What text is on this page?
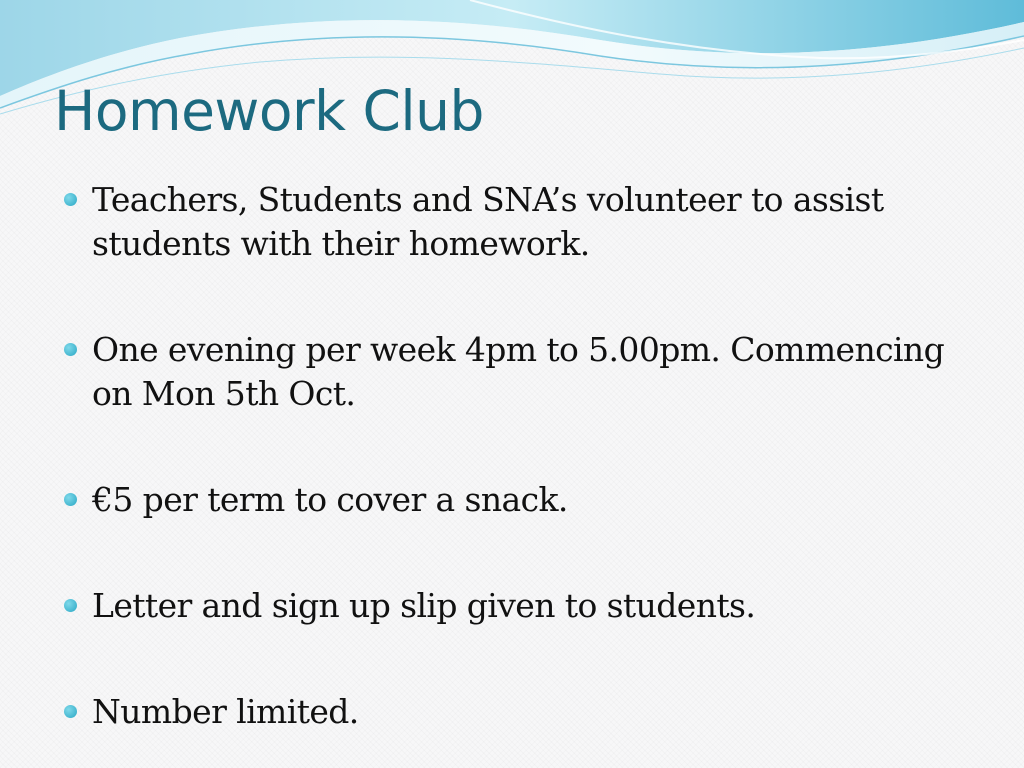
Homework Club
Teachers, Students and SNA’s volunteer to assist students with their homework.
One evening per week 4pm to 5.00pm. Commencing on Mon 5th Oct.
€5 per term to cover a snack.
Letter and sign up slip given to students.
Number limited.
